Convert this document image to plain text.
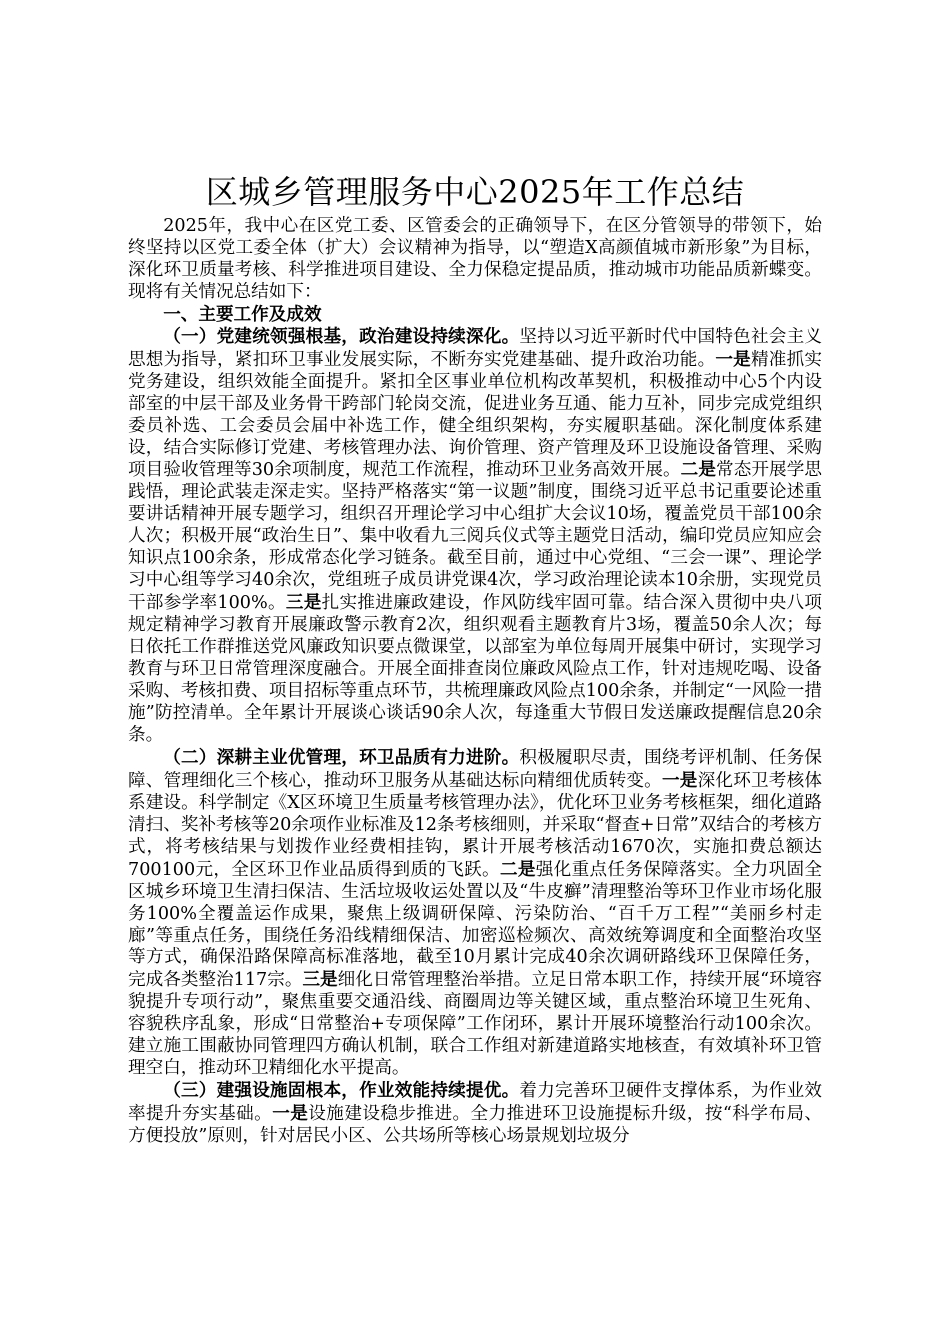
区城乡管理服务中心2025年工作总结

2025年，我中心在区党工委、区管委会的正确领导下，在区分管领导的带领下，始终坚持以区党工委全体（扩大）会议精神为指导，以“塑造X高颜值城市新形象”为目标，深化环卫质量考核、科学推进项目建设、全力保稳定提品质，推动城市功能品质新蝶变。现将有关情况总结如下：

一、主要工作及成效

（一）党建统领强根基，政治建设持续深化。坚持以习近平新时代中国特色社会主义思想为指导，紧扣环卫事业发展实际，不断夯实党建基础、提升政治功能。一是精准抓实党务建设，组织效能全面提升。紧扣全区事业单位机构改革契机，积极推动中心5个内设部室的中层干部及业务骨干跨部门轮岗交流，促进业务互通、能力互补，同步完成党组织委员补选、工会委员会届中补选工作，健全组织架构，夯实履职基础。深化制度体系建设，结合实际修订党建、考核管理办法、询价管理、资产管理及环卫设施设备管理、采购项目验收管理等30余项制度，规范工作流程，推动环卫业务高效开展。二是常态开展学思践悟，理论武装走深走实。坚持严格落实“第一议题”制度，围绕习近平总书记重要论述重要讲话精神开展专题学习，组织召开理论学习中心组扩大会议10场，覆盖党员干部100余人次；积极开展“政治生日”、集中收看九三阅兵仪式等主题党日活动，编印党员应知应会知识点100余条，形成常态化学习链条。截至目前，通过中心党组、“三会一课”、理论学习中心组等学习40余次，党组班子成员讲党课4次，学习政治理论读本10余册，实现党员干部参学率100%。三是扎实推进廉政建设，作风防线牢固可靠。结合深入贯彻中央八项规定精神学习教育开展廉政警示教育2次，组织观看主题教育片3场，覆盖50余人次；每日依托工作群推送党风廉政知识要点微课堂，以部室为单位每周开展集中研讨，实现学习教育与环卫日常管理深度融合。开展全面排查岗位廉政风险点工作，针对违规吃喝、设备采购、考核扣费、项目招标等重点环节，共梳理廉政风险点100余条，并制定“一风险一措施”防控清单。全年累计开展谈心谈话90余人次，每逢重大节假日发送廉政提醒信息20余条。

（二）深耕主业优管理，环卫品质有力进阶。积极履职尽责，围绕考评机制、任务保障、管理细化三个核心，推动环卫服务从基础达标向精细优质转变。一是深化环卫考核体系建设。科学制定《X区环境卫生质量考核管理办法》，优化环卫业务考核框架，细化道路清扫、奖补考核等20余项作业标准及12条考核细则，并采取“督查+日常”双结合的考核方式，将考核结果与划拨作业经费相挂钩，累计开展考核活动1670次，实施扣费总额达700100元，全区环卫作业品质得到质的飞跃。二是强化重点任务保障落实。全力巩固全区城乡环境卫生清扫保洁、生活垃圾收运处置以及“牛皮癣”清理整治等环卫作业市场化服务100%全覆盖运作成果，聚焦上级调研保障、污染防治、“百千万工程”“美丽乡村走廊”等重点任务，围绕任务沿线精细保洁、加密巡检频次、高效统筹调度和全面整治攻坚等方式，确保沿路保障高标准落地，截至10月累计完成40余次调研路线环卫保障任务，完成各类整治117宗。三是细化日常管理整治举措。立足日常本职工作，持续开展“环境容貌提升专项行动”，聚焦重要交通沿线、商圈周边等关键区域，重点整治环境卫生死角、容貌秩序乱象，形成“日常整治+专项保障”工作闭环，累计开展环境整治行动100余次。建立施工围蔽协同管理四方确认机制，联合工作组对新建道路实地核查，有效填补环卫管理空白，推动环卫精细化水平提高。

（三）建强设施固根本，作业效能持续提优。着力完善环卫硬件支撑体系，为作业效率提升夯实基础。一是设施建设稳步推进。全力推进环卫设施提标升级，按“科学布局、方便投放”原则，针对居民小区、公共场所等核心场景规划垃圾分
